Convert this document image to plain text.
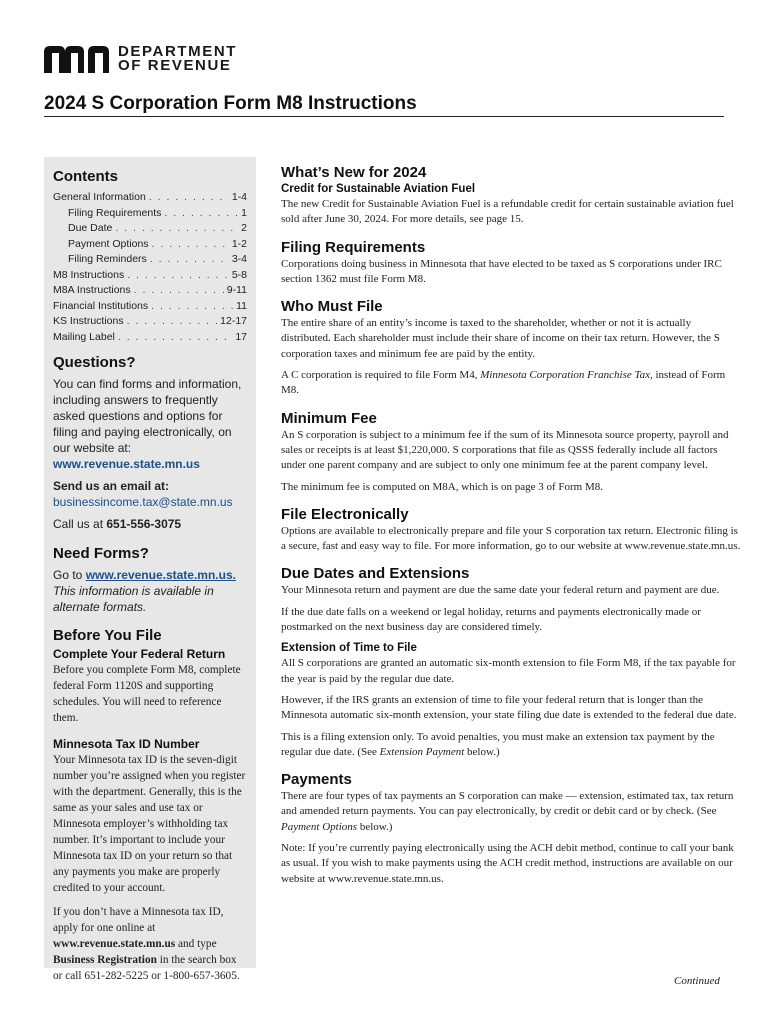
DEPARTMENT
OF REVENUE
2024 S Corporation Form M8 Instructions
Contents
General Information . . .	1-4
Filing Requirements . . .	1
Due Date . . .	2
Payment Options . . .	1-2
Filing Reminders . . .	3-4
M8 Instructions . . .	5-8
M8A Instructions . . .	9-11
Financial Institutions . . .	11
KS Instructions . . .	12-17
Mailing Label . . .	17
Questions?
You can find forms and information, including answers to frequently asked questions and options for filing and paying electronically, on our website at:
www.revenue.state.mn.us
Send us an email at:
businessincome.tax@state.mn.us
Call us at 651-556-3075
Need Forms?
Go to www.revenue.state.mn.us.
This information is available in alternate formats.
Before You File
Complete Your Federal Return
Before you complete Form M8, complete federal Form 1120S and supporting schedules. You will need to reference them.
Minnesota Tax ID Number
Your Minnesota tax ID is the seven-digit number you’re assigned when you register with the department. Generally, this is the same as your sales and use tax or Minnesota employer’s withholding tax number. It’s important to include your Minnesota tax ID on your return so that any payments you make are properly credited to your account.
If you don’t have a Minnesota tax ID, apply for one online at www.revenue.state.mn.us and type Business Registration in the search box or call 651-282-5225 or 1-800-657-3605.
What’s New for 2024
Credit for Sustainable Aviation Fuel
The new Credit for Sustainable Aviation Fuel is a refundable credit for certain sustainable aviation fuel sold after June 30, 2024. For more details, see page 15.
Filing Requirements
Corporations doing business in Minnesota that have elected to be taxed as S corporations under IRC section 1362 must file Form M8.
Who Must File
The entire share of an entity’s income is taxed to the shareholder, whether or not it is actually distributed. Each shareholder must include their share of income on their tax return. However, the S corporation taxes and minimum fee are paid by the entity.
A C corporation is required to file Form M4, Minnesota Corporation Franchise Tax, instead of Form M8.
Minimum Fee
An S corporation is subject to a minimum fee if the sum of its Minnesota source property, payroll and sales or receipts is at least $1,220,000. S corporations that file as QSSS federally include all factors under one parent company and are subject to only one minimum fee at the parent company level.
The minimum fee is computed on M8A, which is on page 3 of Form M8.
File Electronically
Options are available to electronically prepare and file your S corporation tax return. Electronic filing is a secure, fast and easy way to file. For more information, go to our website at www.revenue.state.mn.us.
Due Dates and Extensions
Your Minnesota return and payment are due the same date your federal return and payment are due.
If the due date falls on a weekend or legal holiday, returns and payments electronically made or postmarked on the next business day are considered timely.
Extension of Time to File
All S corporations are granted an automatic six-month extension to file Form M8, if the tax payable for the year is paid by the regular due date.
However, if the IRS grants an extension of time to file your federal return that is longer than the Minnesota automatic six-month extension, your state filing due date is extended to the federal due date.
This is a filing extension only. To avoid penalties, you must make an extension tax payment by the regular due date. (See Extension Payment below.)
Payments
There are four types of tax payments an S corporation can make — extension, estimated tax, tax return and amended return payments. You can pay electronically, by credit or debit card or by check. (See Payment Options below.)
Note: If you’re currently paying electronically using the ACH debit method, continue to call your bank as usual. If you wish to make payments using the ACH credit method, instructions are available on our website at www.revenue.state.mn.us.
Continued
